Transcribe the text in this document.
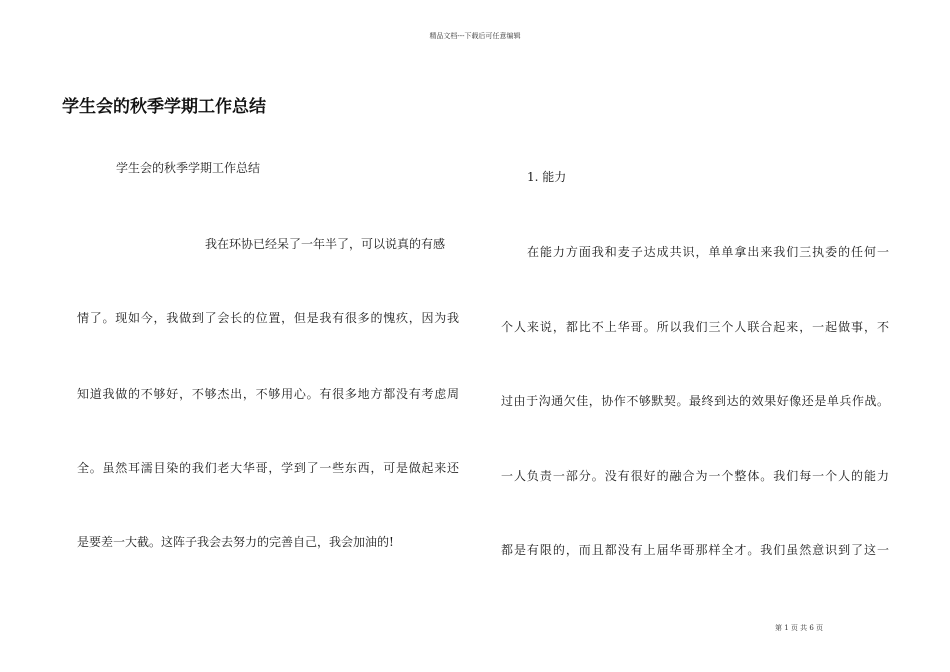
精品文档---下载后可任意编辑
学生会的秋季学期工作总结
学生会的秋季学期工作总结
我在环协已经呆了一年半了，可以说真的有感
情了。现如今，我做到了会长的位置，但是我有很多的愧疚，因为我
知道我做的不够好，不够杰出，不够用心。有很多地方都没有考虑周
全。虽然耳濡目染的我们老大华哥，学到了一些东西，可是做起来还
是要差一大截。这阵子我会去努力的完善自己，我会加油的!
1. 能力
在能力方面我和麦子达成共识，单单拿出来我们三执委的任何一
个人来说，都比不上华哥。所以我们三个人联合起来，一起做事，不
过由于沟通欠佳，协作不够默契。最终到达的效果好像还是单兵作战。
一人负责一部分。没有很好的融合为一个整体。我们每一个人的能力
都是有限的，而且都没有上届华哥那样全才。我们虽然意识到了这一
第 1 页 共 6 页
